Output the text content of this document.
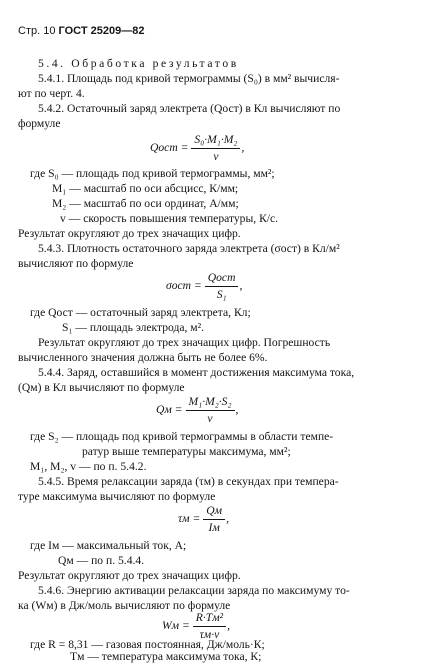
Стр. 10 ГОСТ 25209—82
5.4. Обработка результатов
5.4.1. Площадь под кривой термограммы (S₀) в мм² вычисля-
ют по черт. 4.
5.4.2. Остаточный заряд электрета (Qост) в Кл вычисляют по
формуле
Qост = $\frac{\text{S₀·M₁·M₂}}{v}$ ,
где S₀ — площадь под кривой термограммы, мм²;
M₁ — масштаб по оси абсцисс, К/мм;
M₂ — масштаб по оси ординат, А/мм;
v — скорость повышения температуры, К/с.
Результат округляют до трех значащих цифр.
5.4.3. Плотность остаточного заряда электрета (σост) в Кл/м²
вычисляют по формуле
$\sigma ост = \frac{\text{Qост}}{\text{S₁}}$ ,
где Qост — остаточный заряд электрета, Кл;
S₁ — площадь электрода, м².
Результат округляют до трех значащих цифр. Погрешность
вычисленного значения должна быть не более 6%.
5.4.4. Заряд, оставшийся в момент достижения максимума тока,
(Qм) в Кл вычисляют по формуле
Qм = $\frac{\text{M₁·M₂·S₂}}{v}$ ,
где S₂ — площадь под кривой термограммы в области темпе-
ратур выше температуры максимума, мм²;
M₁, M₂, v — по п. 5.4.2.
5.4.5. Время релаксации заряда (τм) в секундах при темпера-
туре максимума вычисляют по формуле
$\tau м = \frac{Qм}{Iм}$ ,
где Iм — максимальный ток, А;
Qм — по п. 5.4.4.
Результат округляют до трех значащих цифр.
5.4.6. Энергию активации релаксации заряда по максимуму то-
ка (Wм) в Дж/моль вычисляют по формуле
Wм = $\frac{\text{R·Tм²}}{\tau м\cdot v}$ ,
где R = 8,31 — газовая постоянная, Дж/моль·К;
Tм — температура максимума тока, К;
